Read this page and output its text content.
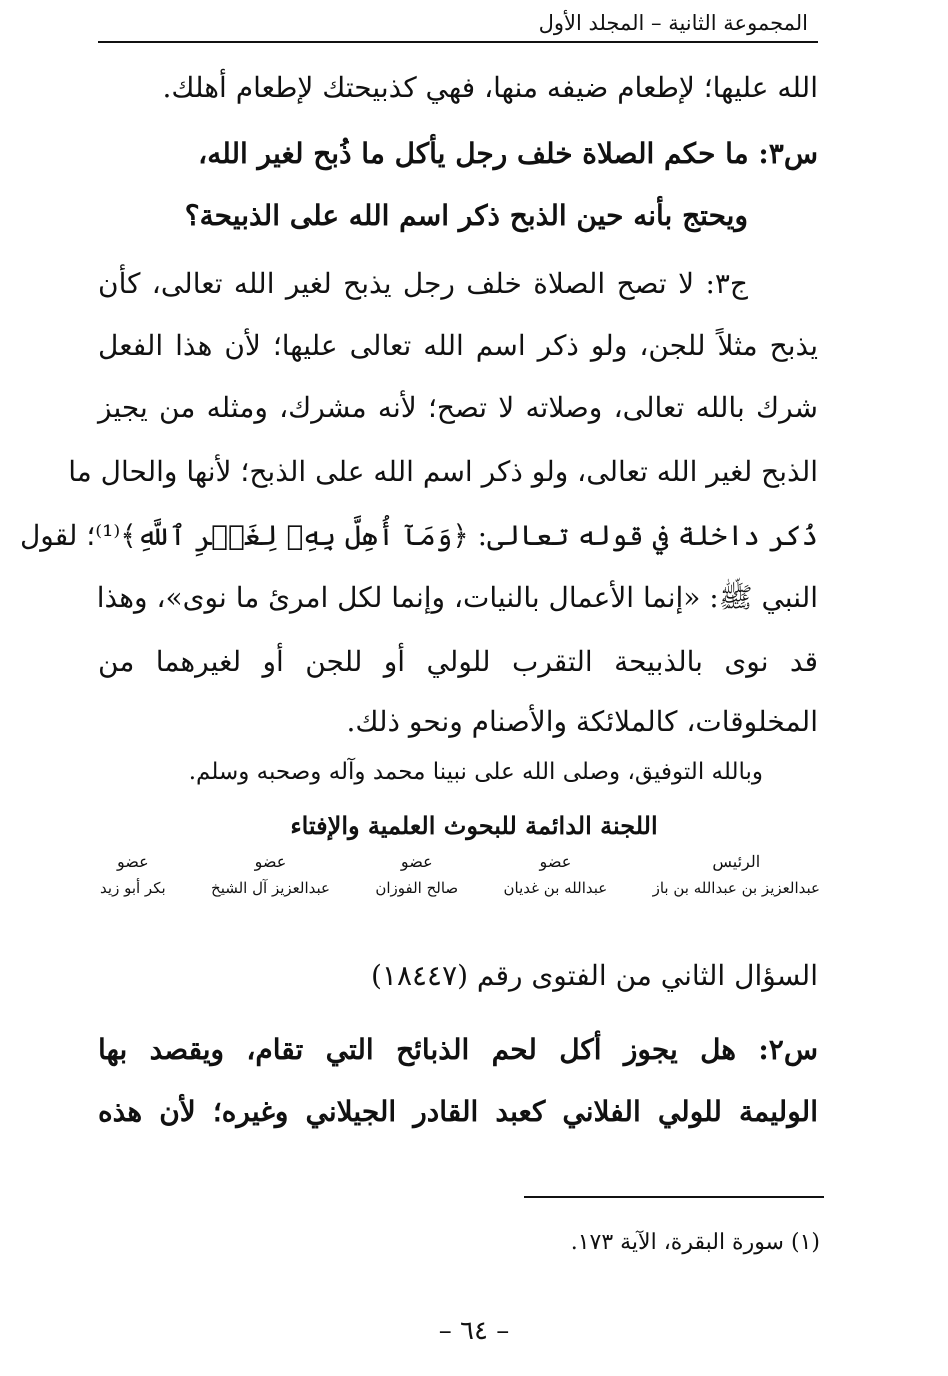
المجموعة الثانية – المجلد الأول
الله عليها؛ لإطعام ضيفه منها، فهي كذبيحتك لإطعام أهلك.
س٣: ما حكم الصلاة خلف رجل يأكل ما ذُبح لغير الله،
ويحتج بأنه حين الذبح ذكر اسم الله على الذبيحة؟
ج٣: لا تصح الصلاة خلف رجل يذبح لغير الله تعالى، كأن
يذبح مثلاً للجن، ولو ذكر اسم الله تعالى عليها؛ لأن هذا الفعل
شرك بالله تعالى، وصلاته لا تصح؛ لأنه مشرك، ومثله من يجيز
الذبح لغير الله تعالى، ولو ذكر اسم الله على الذبح؛ لأنها والحال ما
ذُكر داخلة في قوله تعالى: ﴿وَمَآ أُهِلَّ بِهِۦ لِغَيۡرِ ٱللَّهِ﴾⁽¹⁾؛ لقول
النبي ﷺ: «إنما الأعمال بالنيات، وإنما لكل امرئ ما نوى»، وهذا
قد نوى بالذبيحة التقرب للولي أو للجن أو لغيرهما من
المخلوقات، كالملائكة والأصنام ونحو ذلك.
وبالله التوفيق، وصلى الله على نبينا محمد وآله وصحبه وسلم.
اللجنة الدائمة للبحوث العلمية والإفتاء
عضو
بكر أبو زيد
عضو
عبدالعزيز آل الشيخ
عضو
صالح الفوزان
عضو
عبدالله بن غديان
الرئيس
عبدالعزيز بن عبدالله بن باز
السؤال الثاني من الفتوى رقم (١٨٤٤٧)
س٢: هل يجوز أكل لحم الذبائح التي تقام، ويقصد بها
الوليمة للولي الفلاني كعبد القادر الجيلاني وغيره؛ لأن هذه
(١) سورة البقرة، الآية ١٧٣.
– ٦٤ –
